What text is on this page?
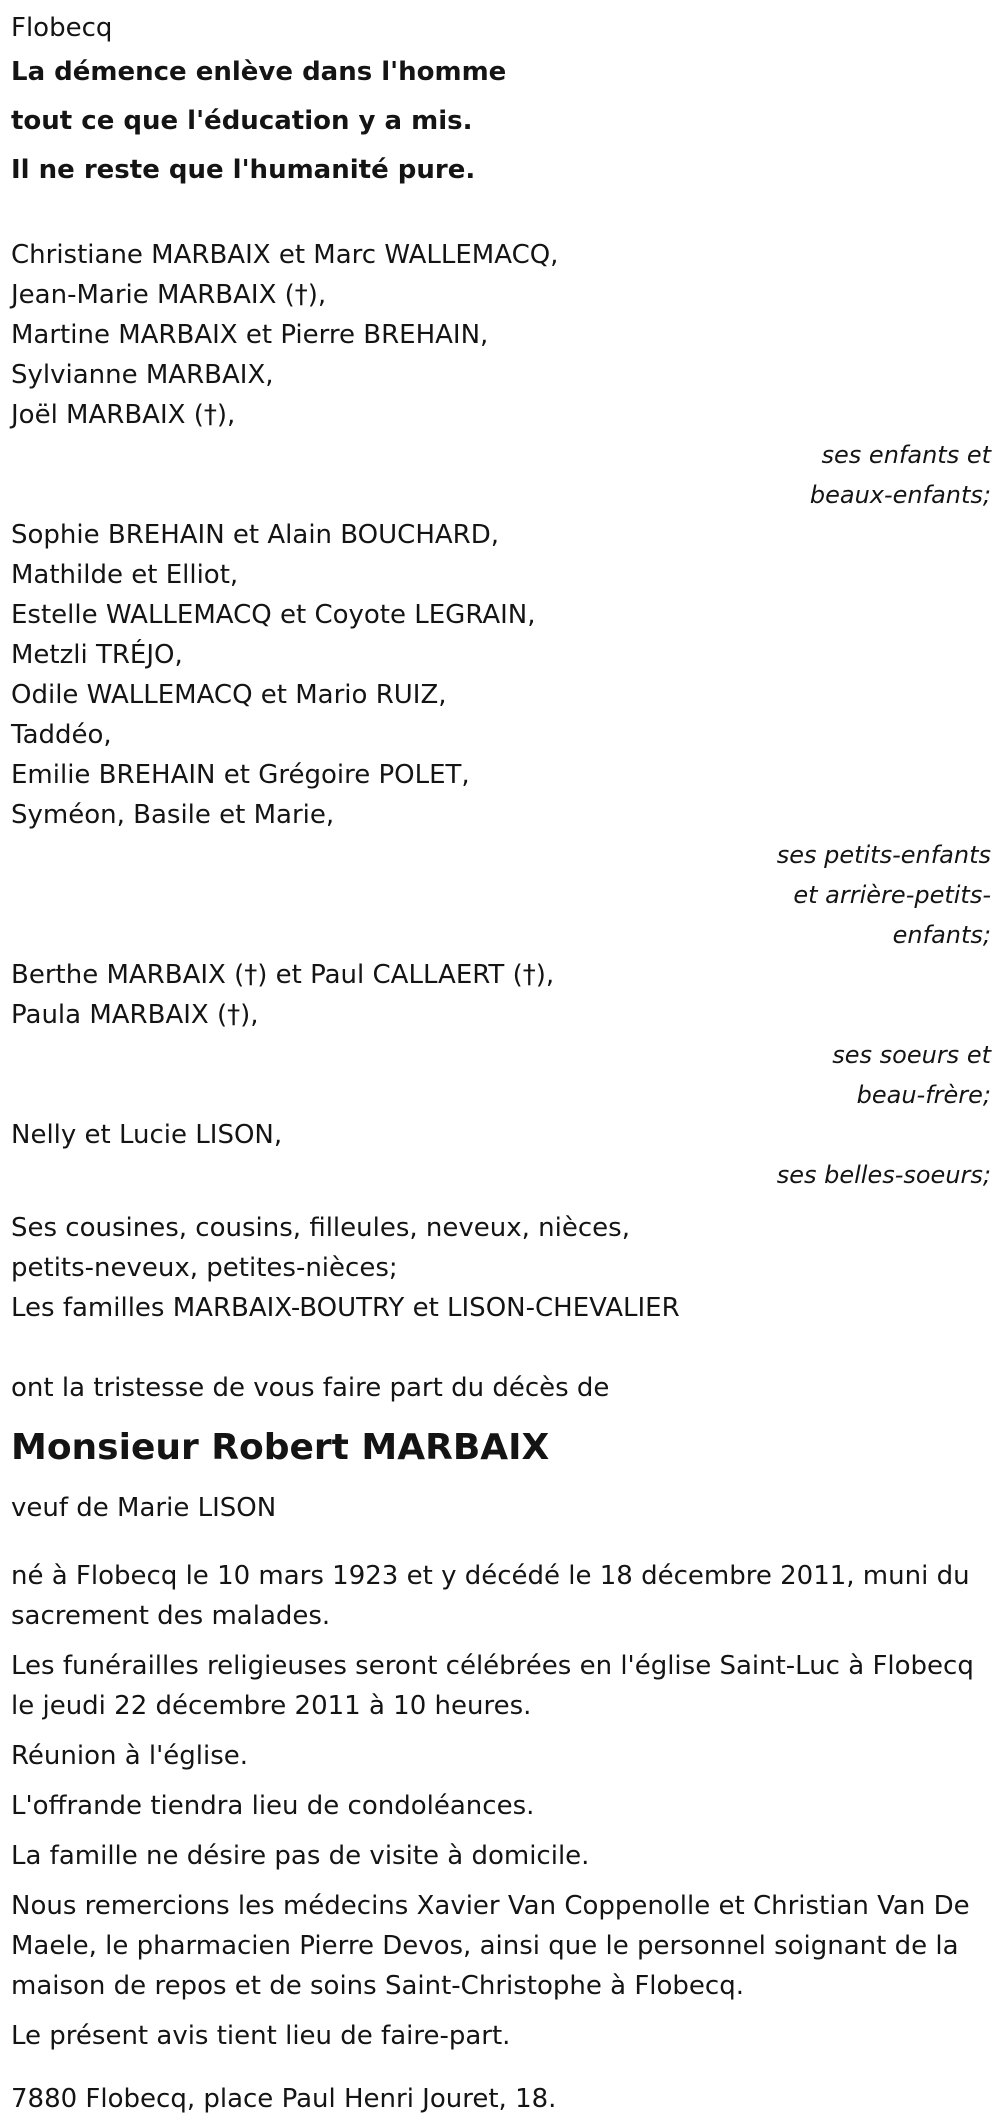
Flobecq
La démence enlève dans l'homme
tout ce que l'éducation y a mis.
Il ne reste que l'humanité pure.
Christiane MARBAIX et Marc WALLEMACQ,
Jean-Marie MARBAIX (†),
Martine MARBAIX et Pierre BREHAIN,
Sylvianne MARBAIX,
Joël MARBAIX (†),
ses enfants et
beaux-enfants;
Sophie BREHAIN et Alain BOUCHARD,
Mathilde et Elliot,
Estelle WALLEMACQ et Coyote LEGRAIN,
Metzli TRÉJO,
Odile WALLEMACQ et Mario RUIZ,
Taddéo,
Emilie BREHAIN et Grégoire POLET,
Syméon, Basile et Marie,
ses petits-enfants
et arrière-petits-
enfants;
Berthe MARBAIX (†) et Paul CALLAERT (†),
Paula MARBAIX (†),
ses soeurs et
beau-frère;
Nelly et Lucie LISON,
ses belles-soeurs;
Ses cousines, cousins, filleules, neveux, nièces,
petits-neveux, petites-nièces;
Les familles MARBAIX-BOUTRY et LISON-CHEVALIER
ont la tristesse de vous faire part du décès de
Monsieur Robert MARBAIX
veuf de Marie LISON

né à Flobecq le 10 mars 1923 et y décédé le 18 décembre 2011, muni du sacrement des malades.

Les funérailles religieuses seront célébrées en l'église Saint-Luc à Flobecq le jeudi 22 décembre 2011 à 10 heures.

Réunion à l'église.

L'offrande tiendra lieu de condoléances.

La famille ne désire pas de visite à domicile.

Nous remercions les médecins Xavier Van Coppenolle et Christian Van De Maele, le pharmacien Pierre Devos, ainsi que le personnel soignant de la maison de repos et de soins Saint-Christophe à Flobecq.

Le présent avis tient lieu de faire-part.

7880 Flobecq, place Paul Henri Jouret, 18.
